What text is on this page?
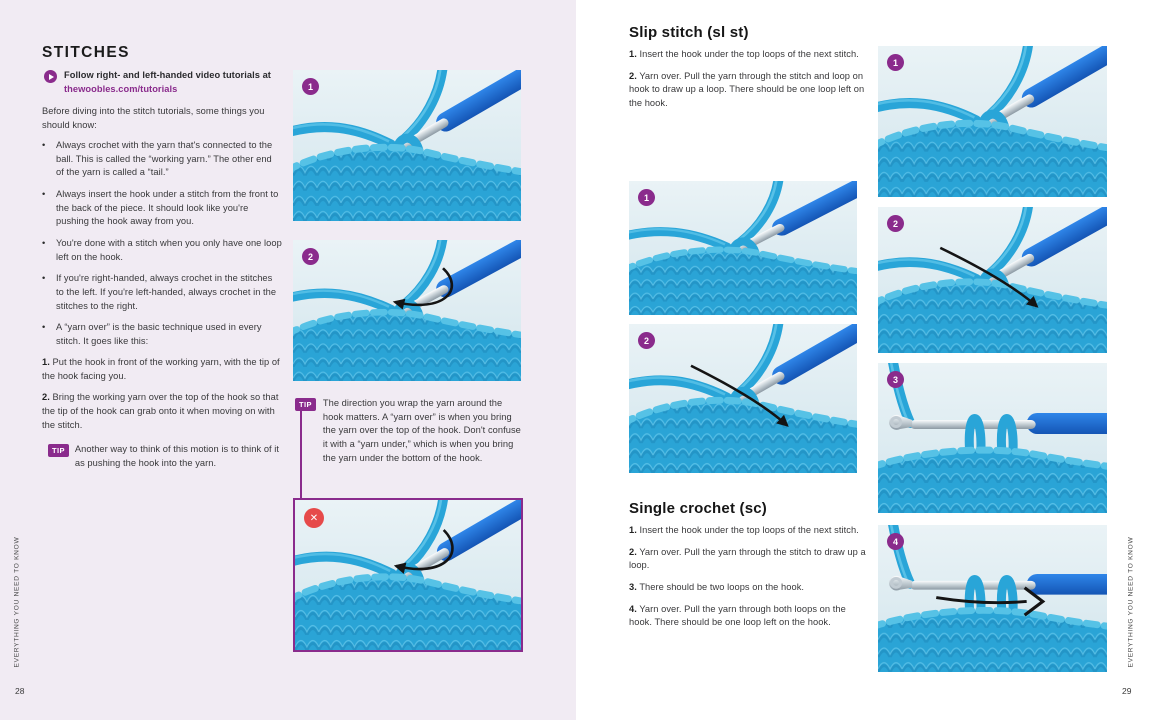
STITCHES

Follow right- and left-handed video tutorials at thewoobles.com/tutorials

Before diving into the stitch tutorials, some things you should know:

•	Always crochet with the yarn that's connected to the ball. This is called the “working yarn.” The other end of the yarn is called a “tail.”
•	Always insert the hook under a stitch from the front to the back of the piece. It should look like you're pushing the hook away from you.
•	You're done with a stitch when you only have one loop left on the hook.
•	If you're right-handed, always crochet in the stitches to the left. If you're left-handed, always crochet in the stitches to the right.
•	A “yarn over” is the basic technique used in every stitch. It goes like this:

1. Put the hook in front of the working yarn, with the tip of the hook facing you.

2. Bring the working yarn over the top of the hook so that the tip of the hook can grab onto it when moving on with the stitch.

TIP	Another way to think of this motion is to think of it as pushing the hook into the yarn.
1
2
TIP	The direction you wrap the yarn around the hook matters. A “yarn over” is when you bring the yarn over the top of the hook. Don't confuse it with a “yarn under,” which is when you bring the yarn under the bottom of the hook.
✕
EVERYTHING YOU NEED TO KNOW
28
Slip stitch (sl st)

1. Insert the hook under the top loops of the next stitch.

2. Yarn over. Pull the yarn through the stitch and loop on hook to draw up a loop. There should be one loop left on the hook.

1
2
Single crochet (sc)

1. Insert the hook under the top loops of the next stitch.

2. Yarn over. Pull the yarn through the stitch to draw up a loop.

3. There should be two loops on the hook.

4. Yarn over. Pull the yarn through both loops on the hook. There should be one loop left on the hook.

1
2
3
4	EVERYTHING YOU NEED TO KNOW
29
